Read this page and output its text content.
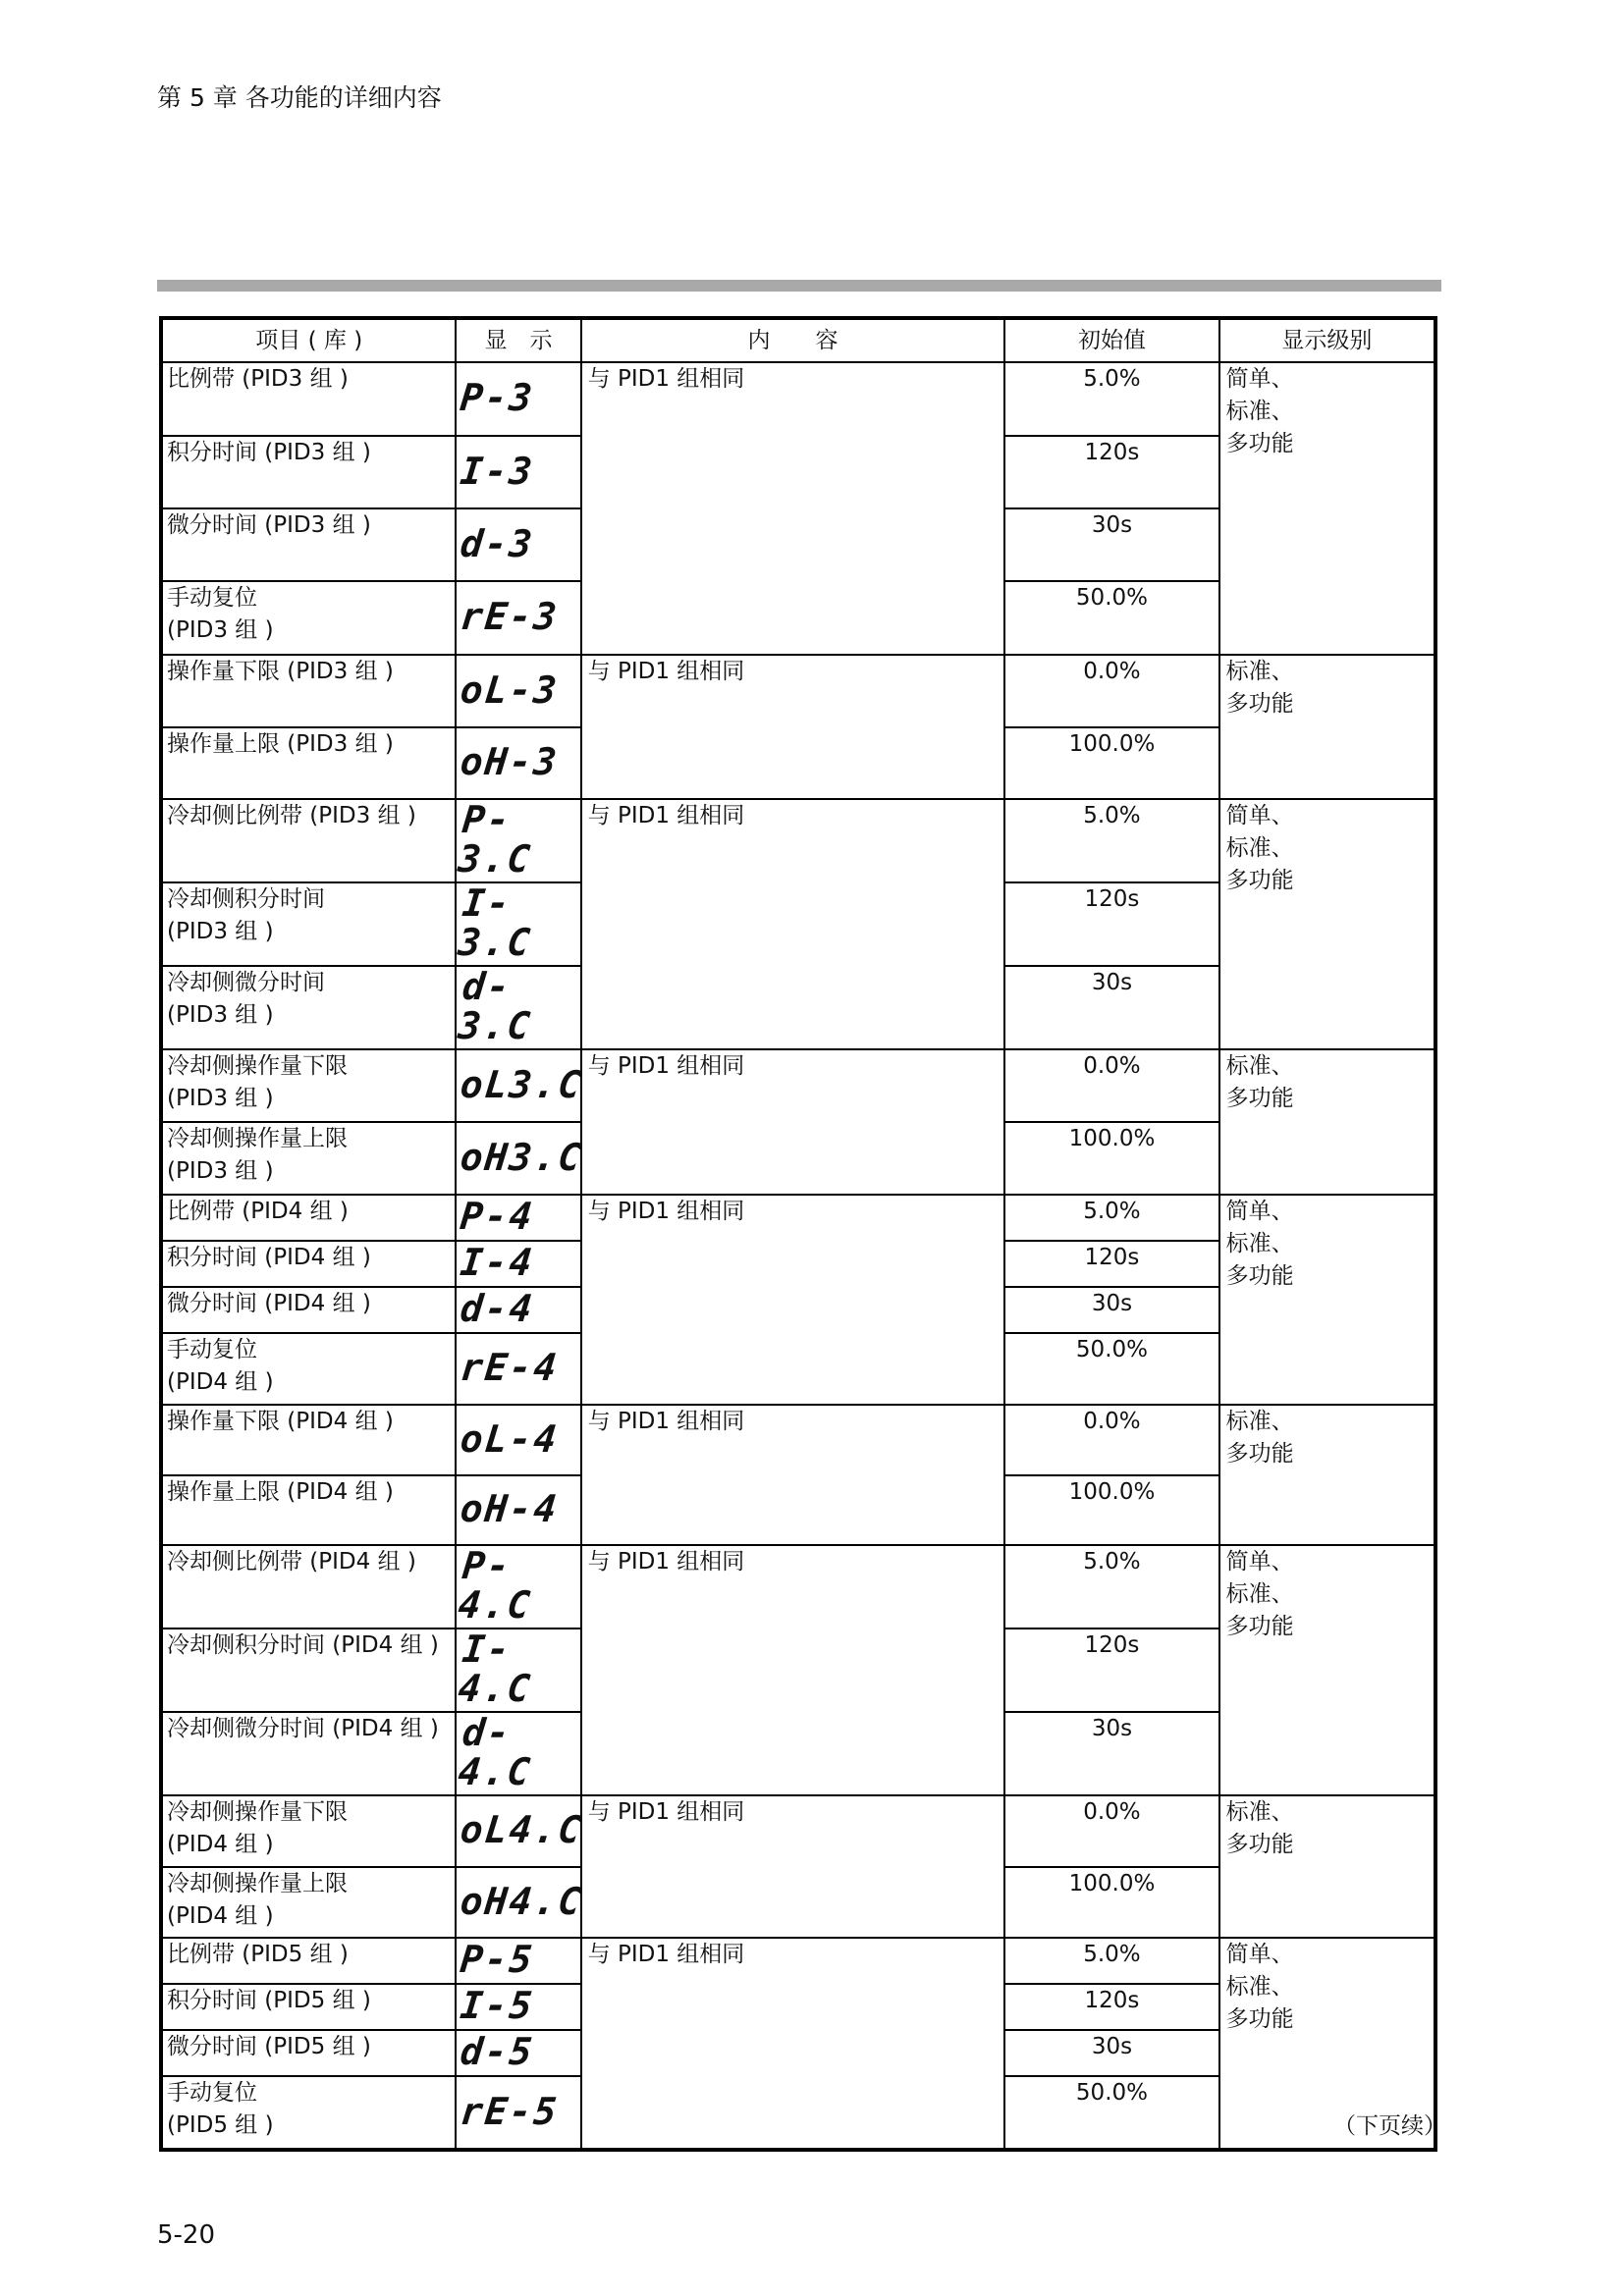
第 5 章 各功能的详细内容
项目 ( 库 )	显　示	内　　容	初始值	显示级别
比例带 (PID3 组 )	P-3	与 PID1 组相同	5.0%	简单、
标准、
多功能
积分时间 (PID3 组 )	I-3		120s	
微分时间 (PID3 组 )	d-3		30s	
手动复位
(PID3 组 )	rE-3		50.0%	
操作量下限 (PID3 组 )	oL-3	与 PID1 组相同	0.0%	标准、
多功能
操作量上限 (PID3 组 )	oH-3		100.0%	
冷却侧比例带 (PID3 组 )	P-3.C	与 PID1 组相同	5.0%	简单、
标准、
多功能
冷却侧积分时间
(PID3 组 )	I-3.C		120s	
冷却侧微分时间
(PID3 组 )	d-3.C		30s	
冷却侧操作量下限
(PID3 组 )	oL3.C	与 PID1 组相同	0.0%	标准、
多功能
冷却侧操作量上限
(PID3 组 )	oH3.C		100.0%	
比例带 (PID4 组 )	P-4	与 PID1 组相同	5.0%	简单、
标准、
多功能
积分时间 (PID4 组 )	I-4		120s	
微分时间 (PID4 组 )	d-4		30s	
手动复位
(PID4 组 )	rE-4		50.0%	
操作量下限 (PID4 组 )	oL-4	与 PID1 组相同	0.0%	标准、
多功能
操作量上限 (PID4 组 )	oH-4		100.0%	
冷却侧比例带 (PID4 组 )	P-4.C	与 PID1 组相同	5.0%	简单、
标准、
多功能
冷却侧积分时间 (PID4 组 )	I-4.C		120s	
冷却侧微分时间 (PID4 组 )	d-4.C		30s	
冷却侧操作量下限
(PID4 组 )	oL4.C	与 PID1 组相同	0.0%	标准、
多功能
冷却侧操作量上限
(PID4 组 )	oH4.C		100.0%	
比例带 (PID5 组 )	P-5	与 PID1 组相同	5.0%	简单、
标准、
多功能
积分时间 (PID5 组 )	I-5		120s	
微分时间 (PID5 组 )	d-5		30s	
手动复位
(PID5 组 )	rE-5		50.0%	
（下页续）
5-20
